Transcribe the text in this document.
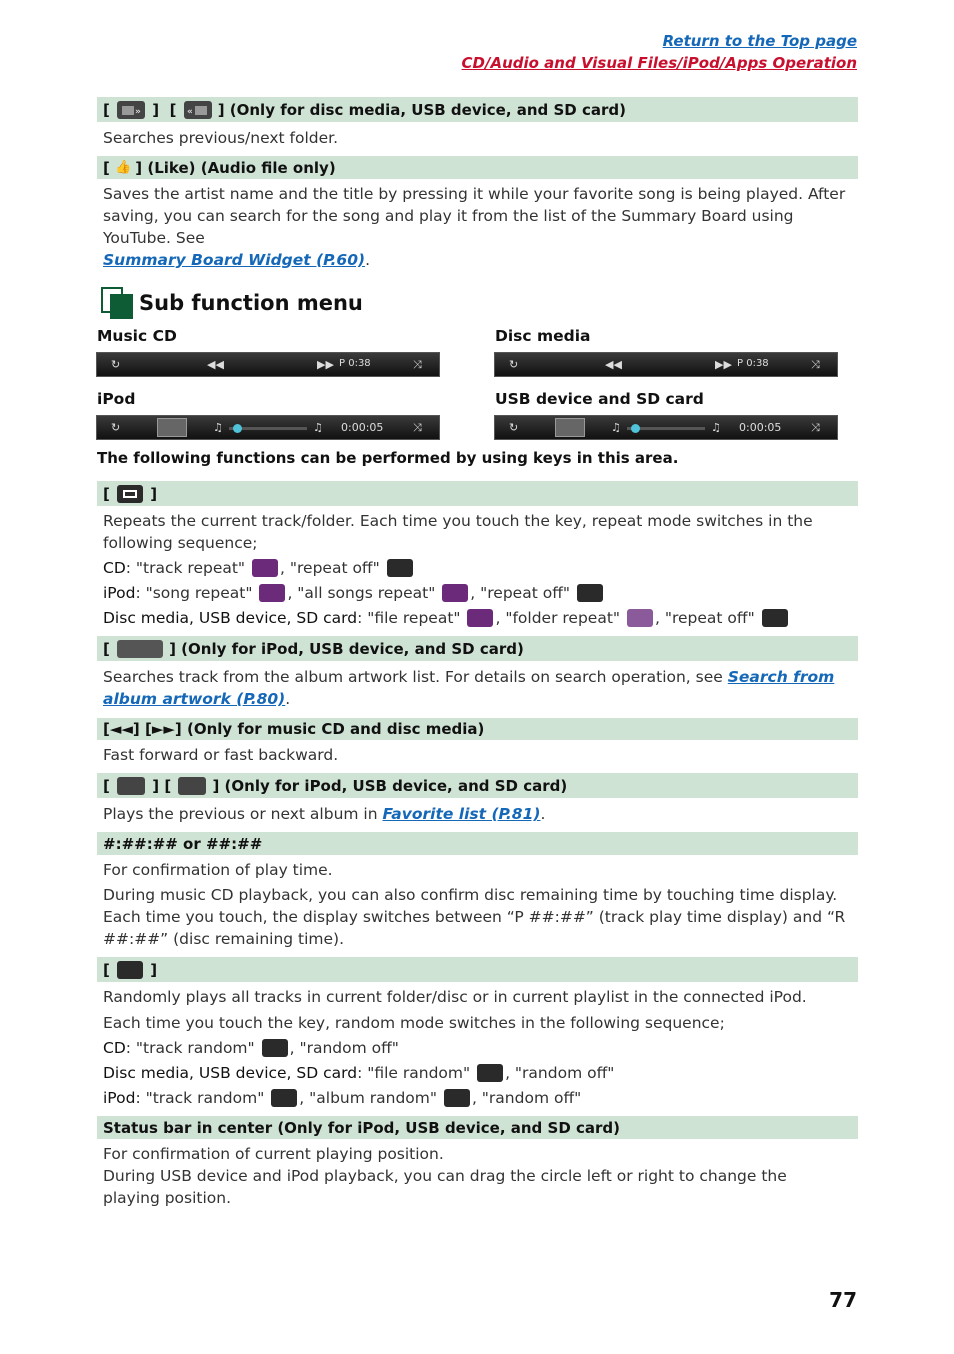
Return to the Top page
CD/Audio and Visual Files/iPod/Apps Operation
[ » ]  [ « ] (Only for disc media, USB device, and SD card)
Searches previous/next folder.
[ 👍 ] (Like) (Audio file only)
Saves the artist name and the title by pressing it while your favorite song is being played. After saving, you can search for the song and play it from the list of the Summary Board using YouTube. See
Summary Board Widget (P.60).
Sub function menu
Music CD	Disc media
↻	◀◀	▶▶ P 0:38	⤨	↻	◀◀	▶▶ P 0:38	⤨
iPod	USB device and SD card
↻	♫	♫ 0:00:05	⤨	↻	♫	♫ 0:00:05	⤨
The following functions can be performed by using keys in this area.
[ ]
Repeats the current track/folder. Each time you touch the key, repeat mode switches in the following sequence;
CD: "track repeat" , "repeat off"
iPod: "song repeat" , "all songs repeat" , "repeat off"
Disc media, USB device, SD card: "file repeat" , "folder repeat" , "repeat off"
[	] (Only for iPod, USB device, and SD card)
Searches track from the album artwork list. For details on search operation, see Search from album artwork (P.80).
[◄◄] [►►] (Only for music CD and disc media)
Fast forward or fast backward.
[ ] [ ] (Only for iPod, USB device, and SD card)
Plays the previous or next album in Favorite list (P.81).
#:##:## or ##:##
For confirmation of play time.
During music CD playback, you can also confirm disc remaining time by touching time display.
Each time you touch, the display switches between “P ##:##” (track play time display) and “R ##:##” (disc remaining time).
[ ]
Randomly plays all tracks in current folder/disc or in current playlist in the connected iPod.
Each time you touch the key, random mode switches in the following sequence;
CD: "track random" , "random off"
Disc media, USB device, SD card: "file random" , "random off"
iPod: "track random" , "album random" , "random off"
Status bar in center (Only for iPod, USB device, and SD card)
For confirmation of current playing position.
During USB device and iPod playback, you can drag the circle left or right to change the playing position.
77
